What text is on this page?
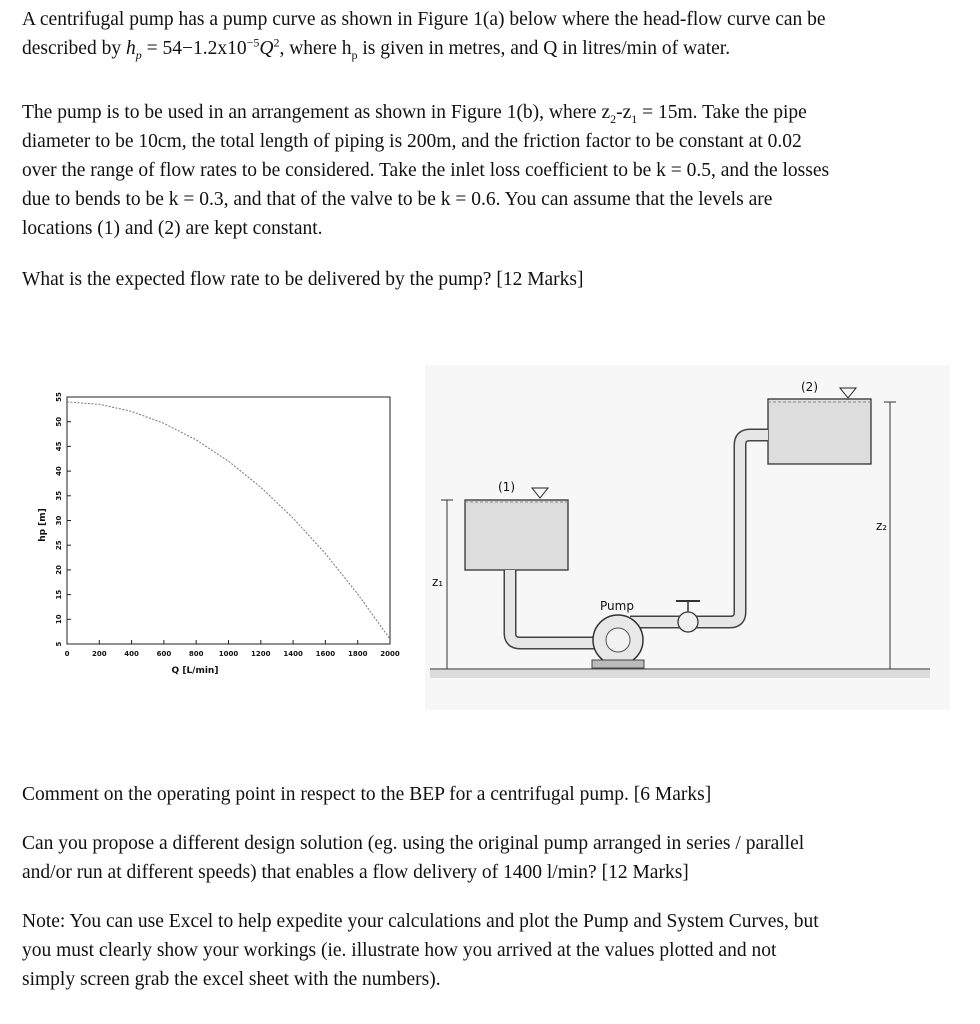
A centrifugal pump has a pump curve as shown in Figure 1(a) below where the head-flow curve can be
described by $h_p = 54-1.2x10^{-5}Q^2$, where $h_p$ is given in metres, and Q in litres/min of water.

The pump is to be used in an arrangement as shown in Figure 1(b), where $z_2-z_1 = 15m$. Take the pipe
diameter to be 10cm, the total length of piping is 200m, and the friction factor to be constant at 0.02
over the range of flow rates to be considered. Take the inlet loss coefficient to be k = 0.5, and the losses
due to bends to be k = 0.3, and that of the valve to be k = 0.6. You can assume that the levels are
locations (1) and (2) are kept constant.

What is the expected flow rate to be delivered by the pump? [12 Marks]

5
10
15
20
25
30
35
40
45
50
55
0	200	400	600	800 1000 1200 1400 1600 1800 2000
Q [L/min]
hp [m]
(1)
(2)
Pump
z₁
z₂

Comment on the operating point in respect to the BEP for a centrifugal pump. [6 Marks]

Can you propose a different design solution (eg. using the original pump arranged in series / parallel
and/or run at different speeds) that enables a flow delivery of 1400 l/min? [12 Marks]

Note: You can use Excel to help expedite your calculations and plot the Pump and System Curves, but
you must clearly show your workings (ie. illustrate how you arrived at the values plotted and not
simply screen grab the excel sheet with the numbers).
